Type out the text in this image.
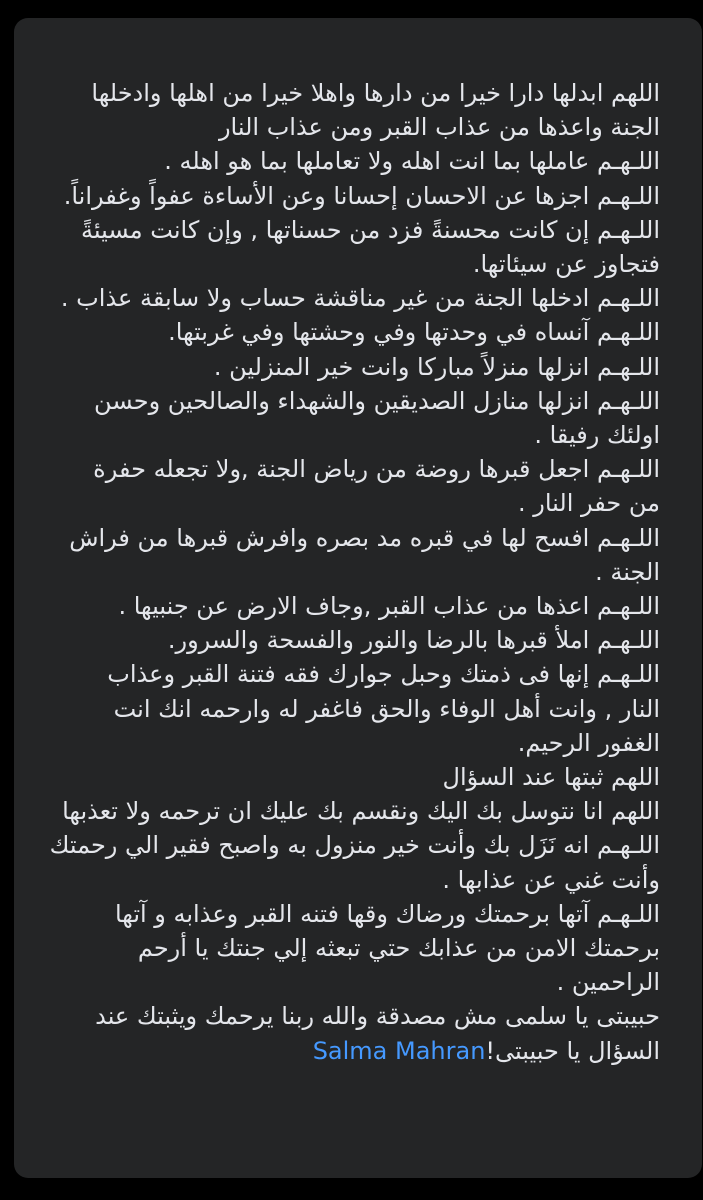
اللهم ابدلها دارا خيرا من دارها واهلا خيرا من اهلها وادخلها
الجنة واعذها من عذاب القبر ومن عذاب النار
اللـهـم عاملها بما انت اهله ولا تعاملها بما هو اهله .
اللـهـم اجزها عن الاحسان إحسانا وعن الأساءة عفواً وغفراناً.
اللـهـم إن كانت محسنةً فزد من حسناتها , وإن كانت مسيئةً
فتجاوز عن سيئاتها.
اللـهـم ادخلها الجنة من غير مناقشة حساب ولا سابقة عذاب .
اللـهـم آنساه في وحدتها وفي وحشتها وفي غربتها.
اللـهـم انزلها منزلاً مباركا وانت خير المنزلين .
اللـهـم انزلها منازل الصديقين والشهداء والصالحين وحسن
اولئك رفيقا .
اللـهـم اجعل قبرها روضة من رياض الجنة ,ولا تجعله حفرة
من حفر النار .
اللـهـم افسح لها في قبره مد بصره وافرش قبرها من فراش
الجنة .
اللـهـم اعذها من عذاب القبر ,وجاف الارض عن جنبيها .
اللـهـم املأ قبرها بالرضا والنور والفسحة والسرور.
اللـهـم إنها فى ذمتك وحبل جوارك فقه فتنة القبر وعذاب
النار , وانت أهل الوفاء والحق فاغفر له وارحمه انك انت
الغفور الرحيم.
اللهم ثبتها عند السؤال
اللهم انا نتوسل بك اليك ونقسم بك عليك ان ترحمه ولا تعذبها
اللـهـم انه نَزَل بك وأنت خير منزول به واصبح فقير الي رحمتك
وأنت غني عن عذابها .
اللـهـم آتها برحمتك ورضاك وقها فتنه القبر وعذابه و آتها
برحمتك الامن من عذابك حتي تبعثه إلي جنتك يا أرحم
الراحمين .
حبيبتى يا سلمى مش مصدقة والله ربنا يرحمك ويثبتك عند
السؤال يا حبيبتى!Salma Mahran
